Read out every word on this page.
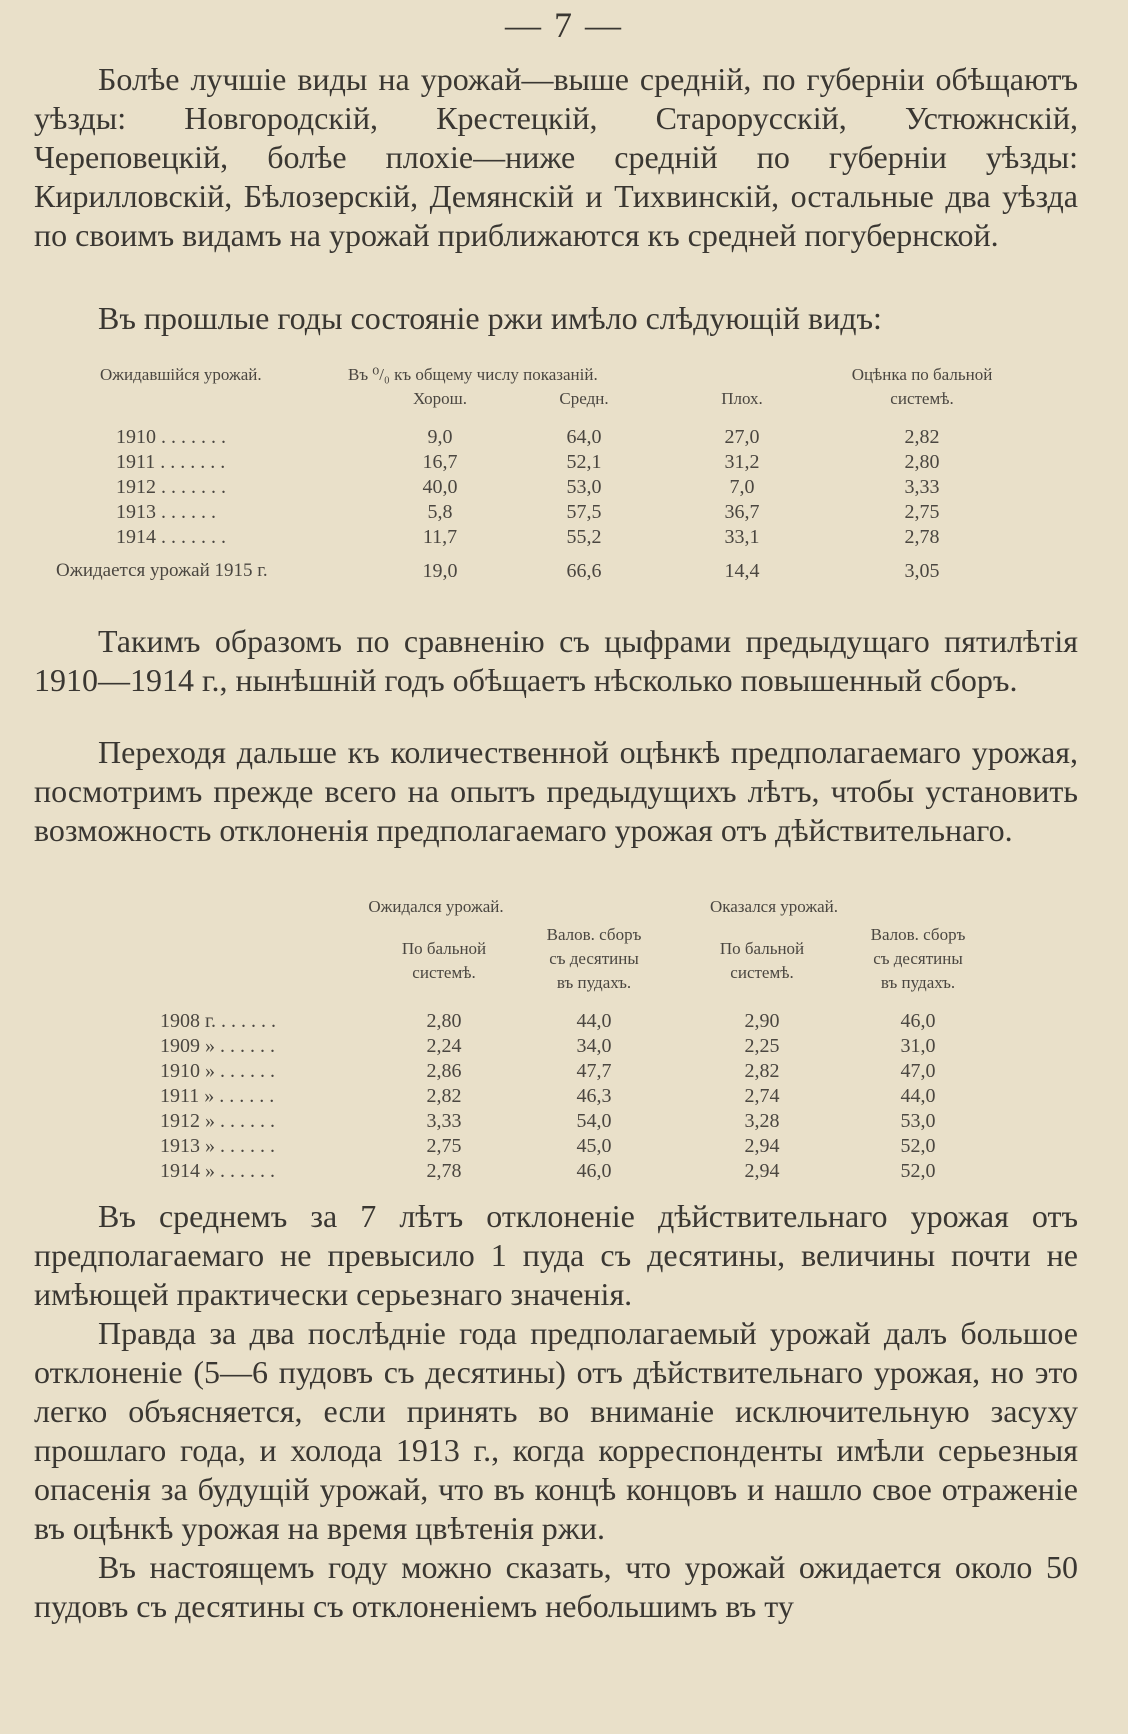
— 7 —

Болѣе лучшіе виды на урожай—выше средній, по губерніи обѣщаютъ уѣзды: Новгородскій, Крестецкій, Старорусскій, Устюжнскій, Череповецкій, болѣе плохіе—ниже средній по губерніи уѣзды: Кирилловскій, Бѣлозерскій, Демянскій и Тихвинскій, остальные два уѣзда по своимъ видамъ на урожай приближаются къ средней погубернской.

Въ прошлые годы состояніе ржи имѣло слѣдующій видъ:

Ожидавшійся урожай.	Въ ⁰/₀ къ общему числу показаній.
Хорош.	Средн.	Плох.
Оцѣнка по бальной
системѣ.
1910 . . . . . . .	9,0	64,0	27,0	2,82
1911 . . . . . . .	16,7	52,1	31,2	2,80
1912 . . . . . . .	40,0	53,0	7,0	3,33
1913 . . . . . .	5,8	57,5	36,7	2,75
1914 . . . . . . .	11,7	55,2	33,1	2,78
Ожидается урожай 1915 г.	19,0	66,6	14,4	3,05

Такимъ образомъ по сравненію съ цыфрами предыдущаго пятилѣтія 1910—1914 г., нынѣшній годъ обѣщаетъ нѣсколько повышенный сборъ.

Переходя дальше къ количественной оцѣнкѣ предполагаемаго урожая, посмотримъ прежде всего на опытъ предыдущихъ лѣтъ, чтобы установить возможность отклоненія предполагаемаго урожая отъ дѣйствительнаго.

Ожидался урожай.	Оказался урожай.
По бальной
системѣ.
Валов. сборъ
съ десятины
въ пудахъ.
По бальной
системѣ.
Валов. сборъ
съ десятины
въ пудахъ.
1908 г. . . . . . .	2,80	44,0	2,90	46,0
1909 » . . . . . .	2,24	34,0	2,25	31,0
1910 » . . . . . .	2,86	47,7	2,82	47,0
1911 » . . . . . .	2,82	46,3	2,74	44,0
1912 » . . . . . .	3,33	54,0	3,28	53,0
1913 » . . . . . .	2,75	45,0	2,94	52,0
1914 » . . . . . .	2,78	46,0	2,94	52,0

Въ среднемъ за 7 лѣтъ отклоненіе дѣйствительнаго урожая отъ предполагаемаго не превысило 1 пуда съ десятины, величины почти не имѣющей практически серьезнаго значенія.

Правда за два послѣдніе года предполагаемый урожай далъ большое отклоненіе (5—6 пудовъ съ десятины) отъ дѣйствительнаго урожая, но это легко объясняется, если принять во вниманіе исключительную засуху прошлаго года, и холода 1913 г., когда корреспонденты имѣли серьезныя опасенія за будущій урожай, что въ концѣ концовъ и нашло свое отраженіе въ оцѣнкѣ урожая на время цвѣтенія ржи.

Въ настоящемъ году можно сказать, что урожай ожидается около 50 пудовъ съ десятины съ отклоненіемъ небольшимъ въ ту
